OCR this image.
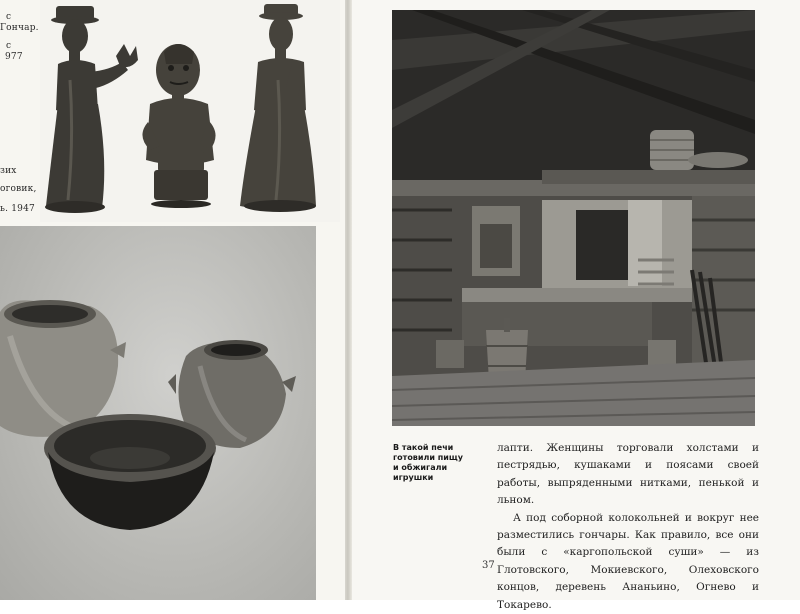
с
Гончар.
с
977
зих
оговик,
ь. 1947
В такой печи
готовили пищу
и обжигали
игрушки

лапти. Женщины торговали холстами и пестрядью, кушаками и поясами своей работы, выпряденными нитками, пенькой и льном.

А под соборной колокольней и вокруг нее разместились гончары. Как правило, все они были с «каргопольской суши» — из Глотовского, Мокиевского, Олеховского концов, деревень Ананьино, Огнево и Токарево.

37
